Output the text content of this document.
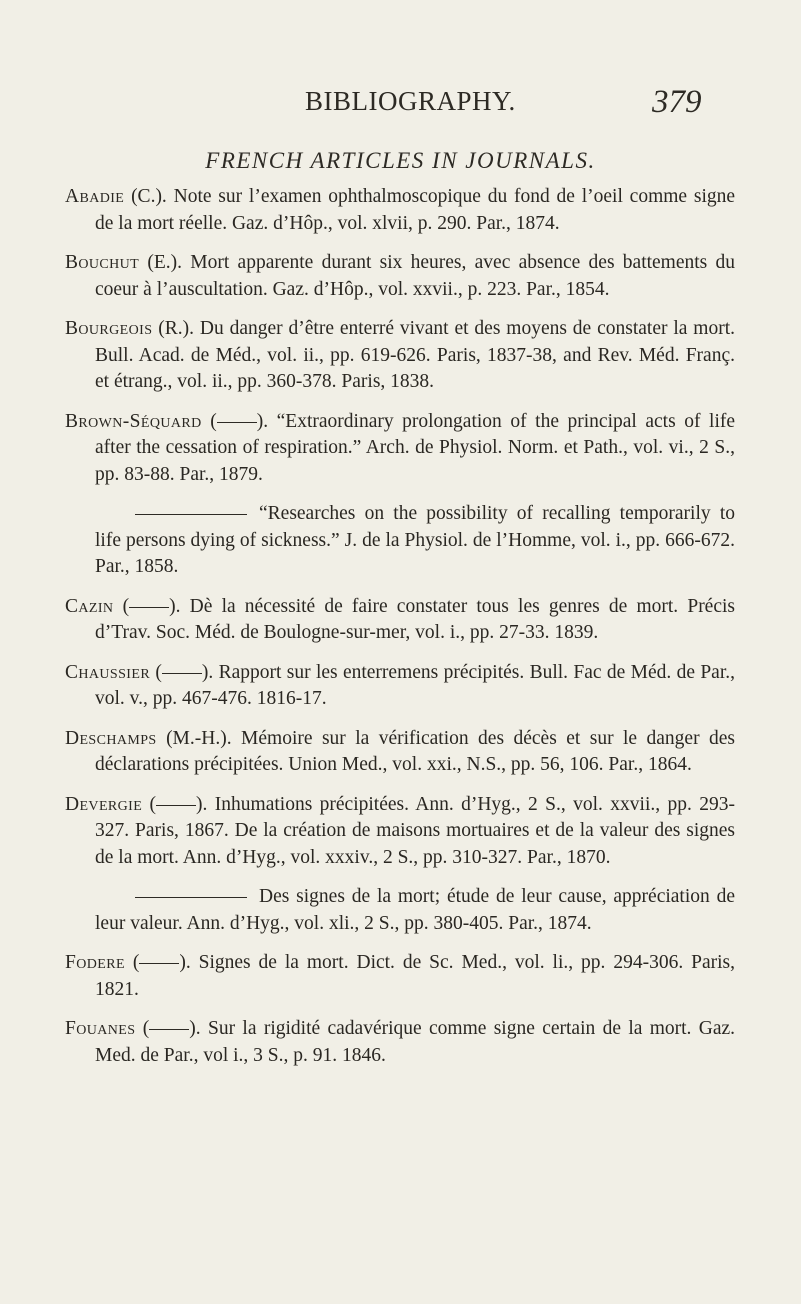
BIBLIOGRAPHY.	379
FRENCH ARTICLES IN JOURNALS.

Abadie (C.). Note sur l’examen ophthalmoscopique du fond de l’oeil comme signe de la mort réelle. Gaz. d’Hôp., vol. xlvii, p. 290. Par., 1874.

Bouchut (E.). Mort apparente durant six heures, avec absence des battements du coeur à l’auscultation. Gaz. d’Hôp., vol. xxvii., p. 223. Par., 1854.

Bourgeois (R.). Du danger d’être enterré vivant et des moyens de constater la mort. Bull. Acad. de Méd., vol. ii., pp. 619-626. Paris, 1837-38, and Rev. Méd. Franç. et étrang., vol. ii., pp. 360-378. Paris, 1838.

Brown-Séquard ( ). “Extraordinary prolongation of the principal acts of life after the cessation of respiration.” Arch. de Physiol. Norm. et Path., vol. vi., 2 S., pp. 83-88. Par., 1879.

“Researches on the possibility of recalling temporarily to life persons dying of sickness.” J. de la Physiol. de l’Homme, vol. i., pp. 666-672. Par., 1858.

Cazin ( ). Dè la nécessité de faire constater tous les genres de mort. Précis d’Trav. Soc. Méd. de Boulogne-sur-mer, vol. i., pp. 27-33. 1839.

Chaussier ( ). Rapport sur les enterremens précipités. Bull. Fac de Méd. de Par., vol. v., pp. 467-476. 1816-17.

Deschamps (M.-H.). Mémoire sur la vérification des décès et sur le danger des déclarations précipitées. Union Med., vol. xxi., N.S., pp. 56, 106. Par., 1864.

Devergie ( ). Inhumations précipitées. Ann. d’Hyg., 2 S., vol. xxvii., pp. 293-327. Paris, 1867. De la création de maisons mortuaires et de la valeur des signes de la mort. Ann. d’Hyg., vol. xxxiv., 2 S., pp. 310-327. Par., 1870.

Des signes de la mort; étude de leur cause, appréciation de leur valeur. Ann. d’Hyg., vol. xli., 2 S., pp. 380-405. Par., 1874.

Fodere ( ). Signes de la mort. Dict. de Sc. Med., vol. li., pp. 294-306. Paris, 1821.

Fouanes ( ). Sur la rigidité cadavérique comme signe certain de la mort. Gaz. Med. de Par., vol i., 3 S., p. 91. 1846.
